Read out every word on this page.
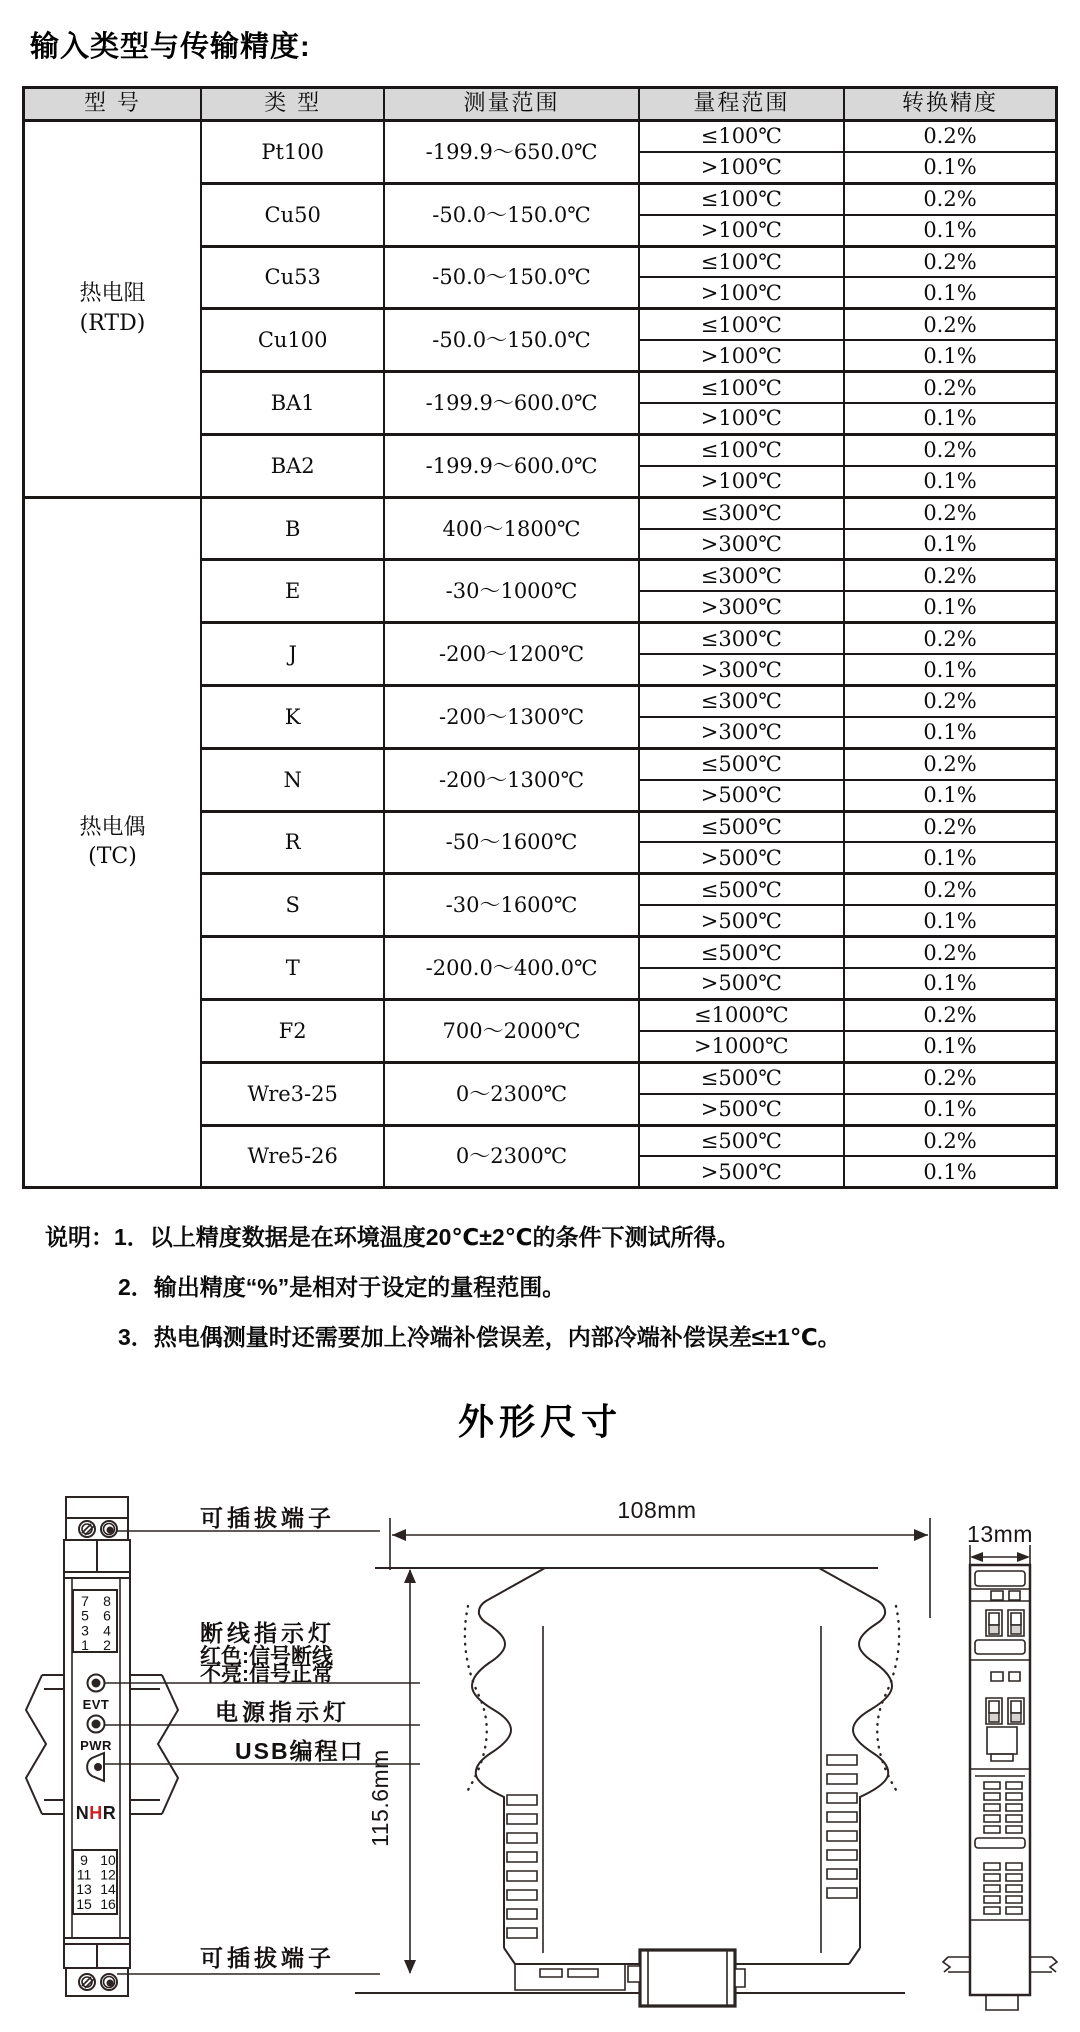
输入类型与传输精度:
型 号	类 型	测量范围	量程范围	转换精度

热电阻
(RTD)	Pt100	-199.9～650.0℃	≤100℃	0.2%
			>100℃	0.1%
	Cu50	-50.0～150.0℃	≤100℃	0.2%
			>100℃	0.1%
	Cu53	-50.0～150.0℃	≤100℃	0.2%
			>100℃	0.1%
	Cu100	-50.0～150.0℃	≤100℃	0.2%
			>100℃	0.1%
	BA1	-199.9～600.0℃	≤100℃	0.2%
			>100℃	0.1%
	BA2	-199.9～600.0℃	≤100℃	0.2%
			>100℃	0.1%

热电偶
(TC)	B	400～1800℃	≤300℃	0.2%
			>300℃	0.1%
	E	-30～1000℃	≤300℃	0.2%
			>300℃	0.1%
	J	-200～1200℃	≤300℃	0.2%
			>300℃	0.1%
	K	-200～1300℃	≤300℃	0.2%
			>300℃	0.1%
	N	-200～1300℃	≤500℃	0.2%
			>500℃	0.1%
	R	-50～1600℃	≤500℃	0.2%
			>500℃	0.1%
	S	-30～1600℃	≤500℃	0.2%
			>500℃	0.1%
	T	-200.0～400.0℃	≤500℃	0.2%
			>500℃	0.1%
	F2	700～2000℃	≤1000℃	0.2%
			>1000℃	0.1%
	Wre3-25	0～2300℃	≤500℃	0.2%
			>500℃	0.1%
	Wre5-26	0～2300℃	≤500℃	0.2%
			>500℃	0.1%
说明：1．以上精度数据是在环境温度20℃±2℃的条件下测试所得。
2．输出精度“%”是相对于设定的量程范围。
3．热电偶测量时还需要加上冷端补偿误差，内部冷端补偿误差≤±1℃。
外形尺寸
7 8
5 6
3 4
1 2
EVT
PWR
NHR
9 10
11 12
13 14
15 16
可插拔端子
断线指示灯
红色:信号断线
不亮:信号正常
电源指示灯
USB编程口
可插拔端子
108mm
115.6mm
13mm
